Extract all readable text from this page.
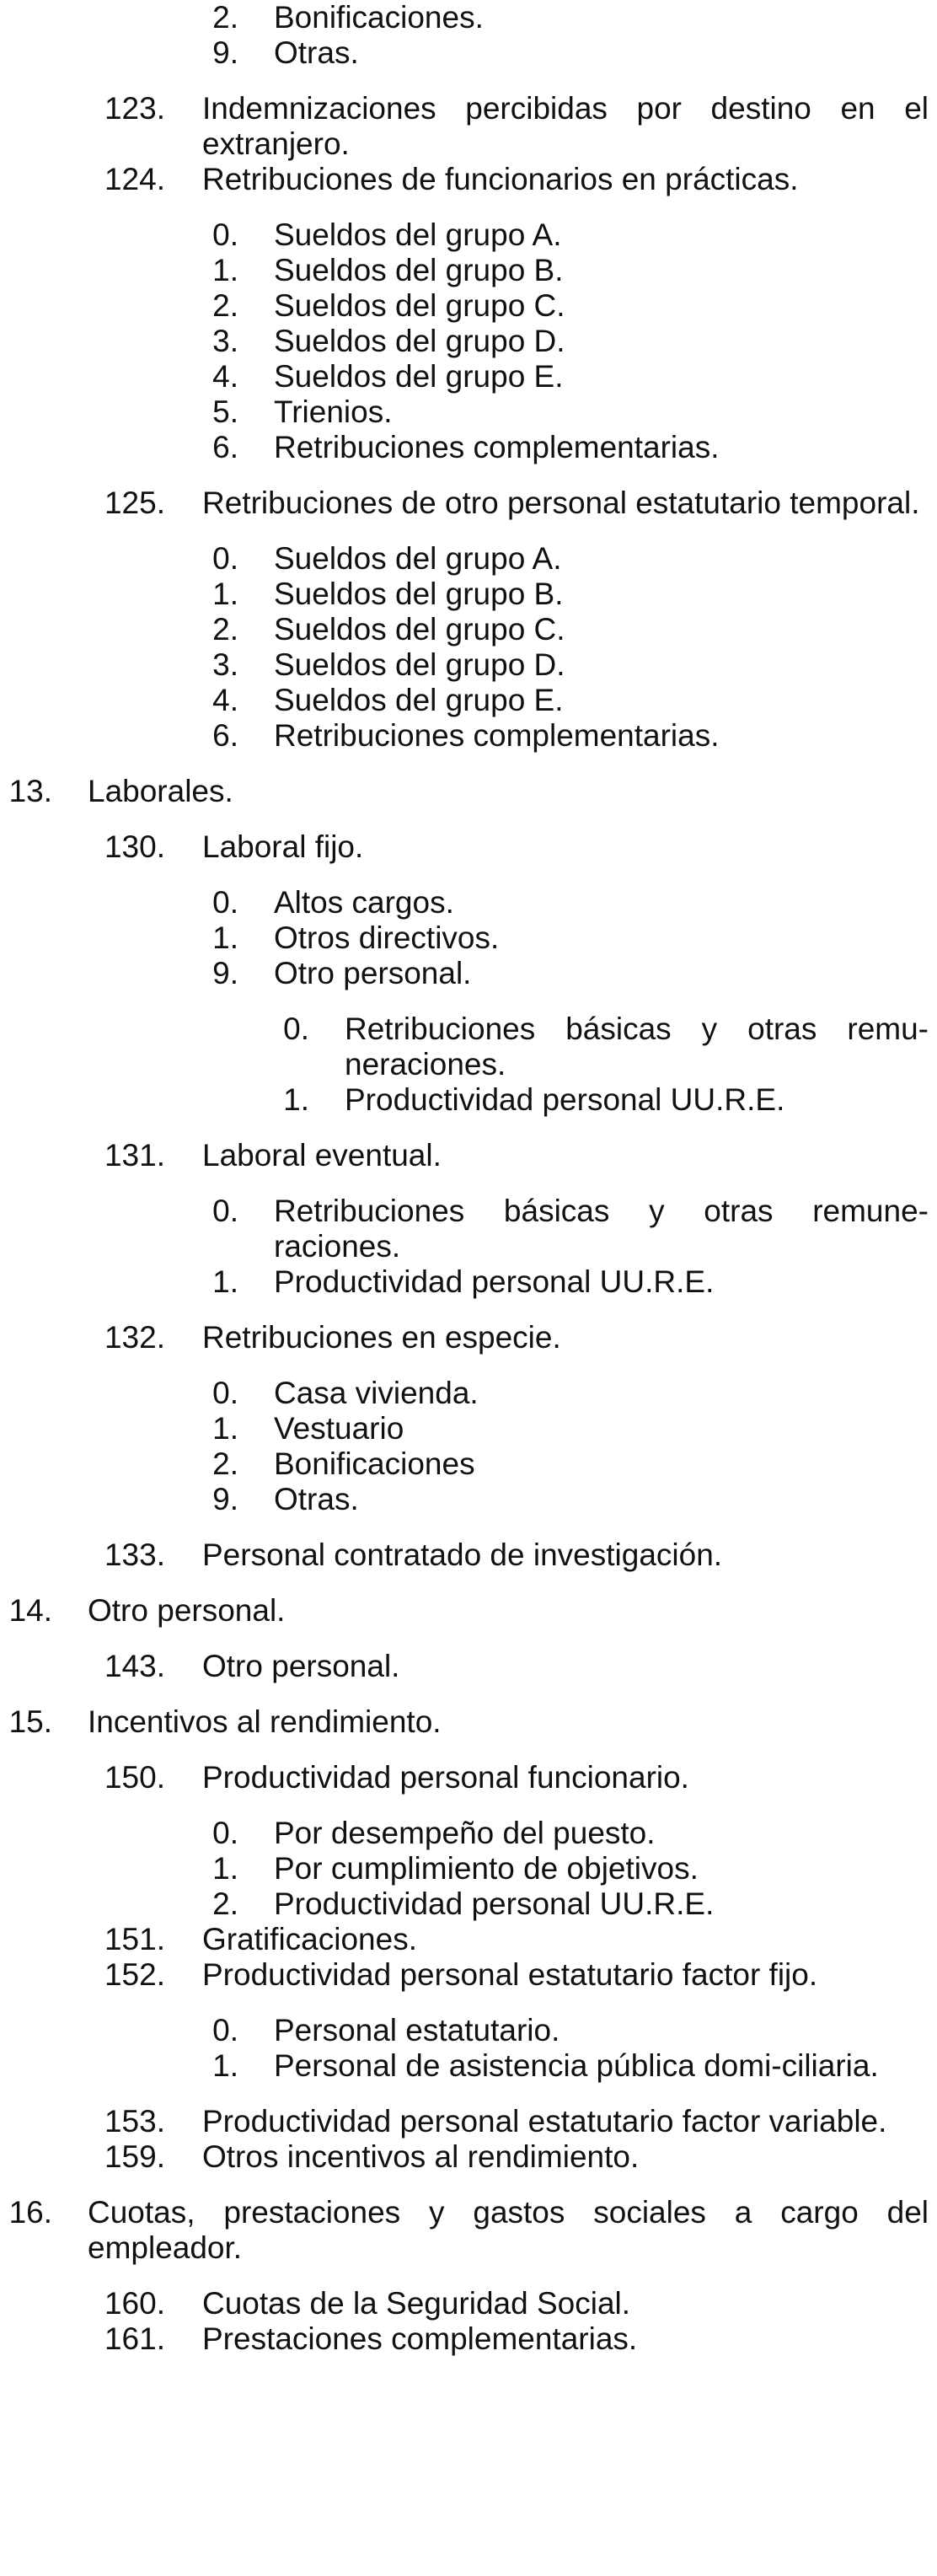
2. Bonificaciones.
9. Otras.
123. Indemnizaciones percibidas por destino en el extranjero.
124. Retribuciones de funcionarios en prácticas.
0. Sueldos del grupo A.
1. Sueldos del grupo B.
2. Sueldos del grupo C.
3. Sueldos del grupo D.
4. Sueldos del grupo E.
5. Trienios.
6. Retribuciones complementarias.
125. Retribuciones de otro personal estatutario temporal.
0. Sueldos del grupo A.
1. Sueldos del grupo B.
2. Sueldos del grupo C.
3. Sueldos del grupo D.
4. Sueldos del grupo E.
6. Retribuciones complementarias.
13. Laborales.
130. Laboral fijo.
0. Altos cargos.
1. Otros directivos.
9. Otro personal.
0. Retribuciones básicas y otras remu-neraciones.
1. Productividad personal UU.R.E.
131. Laboral eventual.
0. Retribuciones básicas y otras remune-raciones.
1. Productividad personal UU.R.E.
132. Retribuciones en especie.
0. Casa vivienda.
1. Vestuario
2. Bonificaciones
9. Otras.
133. Personal contratado de investigación.
14. Otro personal.
143. Otro personal.
15. Incentivos al rendimiento.
150. Productividad personal funcionario.
0. Por desempeño del puesto.
1. Por cumplimiento de objetivos.
2. Productividad personal UU.R.E.
151. Gratificaciones.
152. Productividad personal estatutario factor fijo.
0. Personal estatutario.
1. Personal de asistencia pública domi-ciliaria.
153. Productividad personal estatutario factor variable.
159. Otros incentivos al rendimiento.
16. Cuotas, prestaciones y gastos sociales a cargo del empleador.
160. Cuotas de la Seguridad Social.
161. Prestaciones complementarias.
